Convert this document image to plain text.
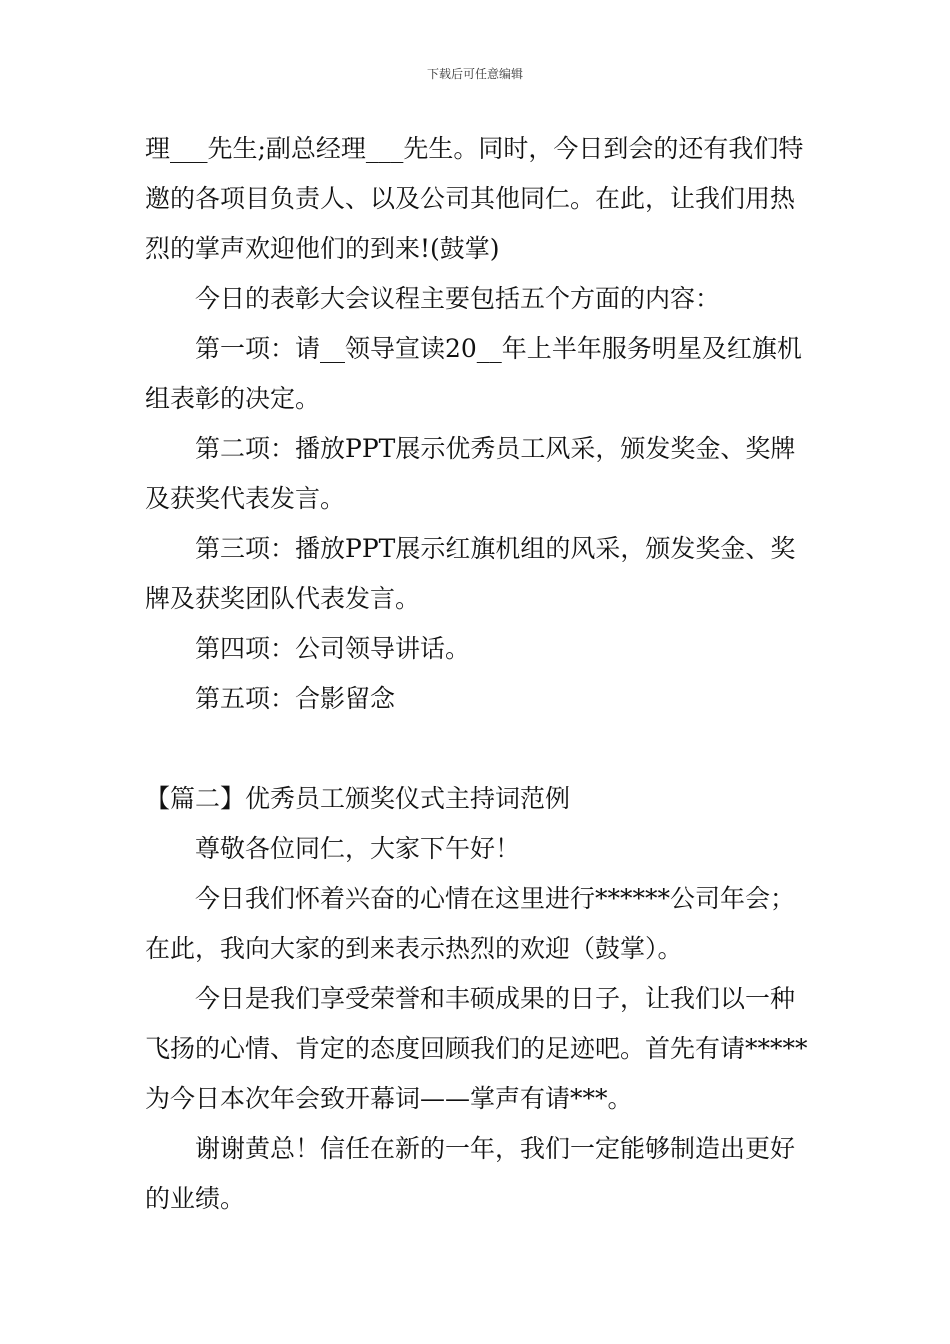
下载后可任意编辑

理___先生;副总经理___先生。同时，今日到会的还有我们特邀的各项目负责人、以及公司其他同仁。在此，让我们用热烈的掌声欢迎他们的到来!(鼓掌)

今日的表彰大会议程主要包括五个方面的内容：

第一项：请__领导宣读20__年上半年服务明星及红旗机组表彰的决定。

第二项：播放PPT展示优秀员工风采，颁发奖金、奖牌及获奖代表发言。

第三项：播放PPT展示红旗机组的风采，颁发奖金、奖牌及获奖团队代表发言。

第四项：公司领导讲话。

第五项：合影留念

【篇二】优秀员工颁奖仪式主持词范例

尊敬各位同仁，大家下午好！

今日我们怀着兴奋的心情在这里进行******公司年会；在此，我向大家的到来表示热烈的欢迎（鼓掌）。

今日是我们享受荣誉和丰硕成果的日子，让我们以一种飞扬的心情、肯定的态度回顾我们的足迹吧。首先有请*****为今日本次年会致开幕词——掌声有请***。

谢谢黄总！信任在新的一年，我们一定能够制造出更好的业绩。
